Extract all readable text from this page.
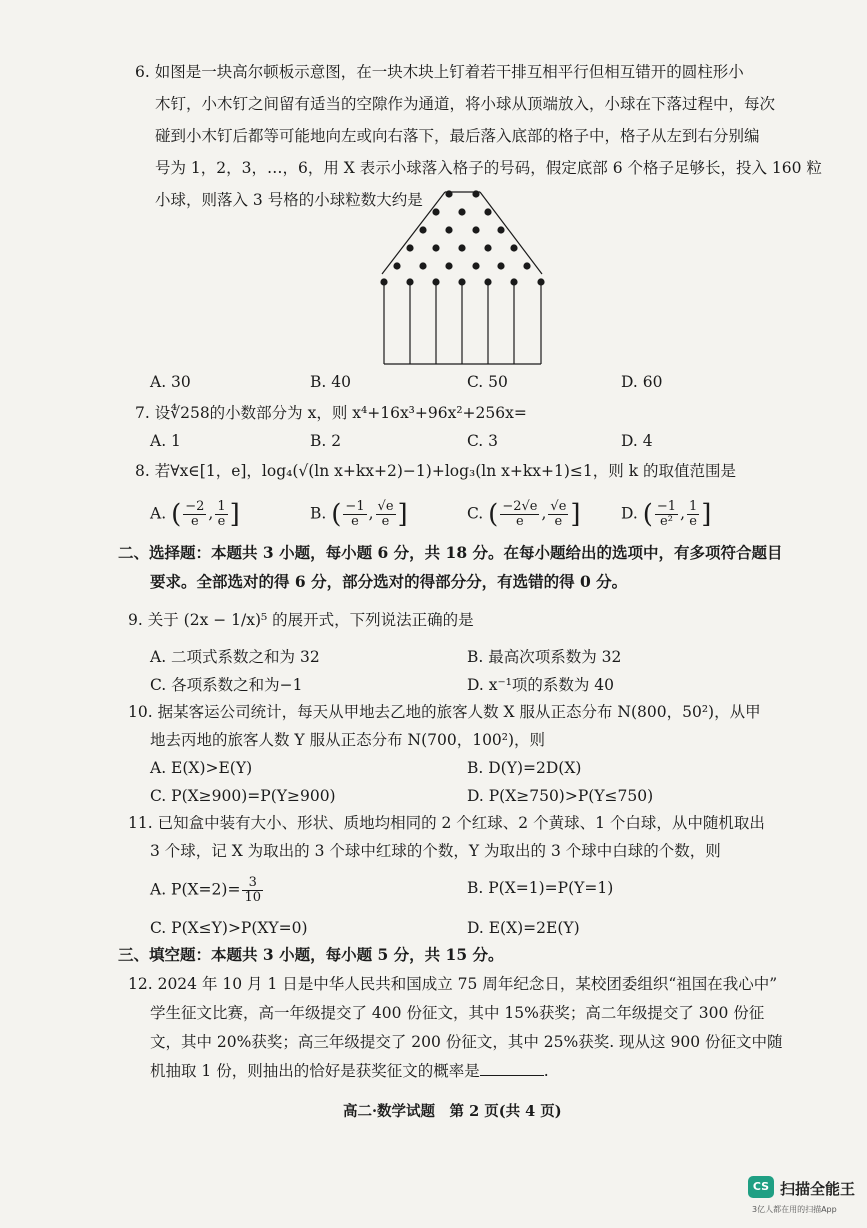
6. 如图是一块高尔顿板示意图，在一块木块上钉着若干排互相平行但相互错开的圆柱形小
木钉，小木钉之间留有适当的空隙作为通道，将小球从顶端放入，小球在下落过程中，每次
碰到小木钉后都等可能地向左或向右落下，最后落入底部的格子中，格子从左到右分别编
号为 1，2，3，…，6，用 X 表示小球落入格子的号码，假定底部 6 个格子足够长，投入 160 粒
小球，则落入 3 号格的小球粒数大约是
A. 30	B. 40	C. 50	D. 60
7. 设∜258的小数部分为 x，则 x⁴+16x³+96x²+256x=
A. 1	B. 2	C. 3	D. 4
8. 若∀x∈[1，e]，log₄(√(ln x+kx+2)−1)+log₃(ln x+kx+1)≤1，则 k 的取值范围是
A. ( $\frac{-2}{e}$ , $\frac{1}{e}$ ]	B. ( $\frac{-1}{e}$ , $\frac{√e}{e}$ ]	C. ( $\frac{-2√e}{e}$ , $\frac{√e}{e}$ ]	D. ( $\frac{-1}{\text{e²}}$ , $\frac{1}{e}$ ]
二、选择题：本题共 3 小题，每小题 6 分，共 18 分。在每小题给出的选项中，有多项符合题目
要求。全部选对的得 6 分，部分选对的得部分分，有选错的得 0 分。
9. 关于 (2x − 1/x)⁵ 的展开式，下列说法正确的是
A. 二项式系数之和为 32	B. 最高次项系数为 32
C. 各项系数之和为−1	D. x⁻¹项的系数为 40
10. 据某客运公司统计，每天从甲地去乙地的旅客人数 X 服从正态分布 N(800，50²)，从甲
地去丙地的旅客人数 Y 服从正态分布 N(700，100²)，则
A. E(X)>E(Y)	B. D(Y)=2D(X)
C. P(X≥900)=P(Y≥900)	D. P(X≥750)>P(Y≤750)
11. 已知盒中装有大小、形状、质地均相同的 2 个红球、2 个黄球、1 个白球，从中随机取出
3 个球，记 X 为取出的 3 个球中红球的个数，Y 为取出的 3 个球中白球的个数，则
A. $P(X=2)= \frac{3}{10}$	B. P(X=1)=P(Y=1)
C. P(X≤Y)>P(XY=0)	D. E(X)=2E(Y)
三、填空题：本题共 3 小题，每小题 5 分，共 15 分。
12. 2024 年 10 月 1 日是中华人民共和国成立 75 周年纪念日，某校团委组织“祖国在我心中”
学生征文比赛，高一年级提交了 400 份征文，其中 15%获奖；高二年级提交了 300 份征
文，其中 20%获奖；高三年级提交了 200 份征文，其中 25%获奖. 现从这 900 份征文中随
机抽取 1 份，则抽出的恰好是获奖征文的概率是	.
高二·数学试题　第 2 页(共 4 页)
CS 扫描全能王
3亿人都在用的扫描App
